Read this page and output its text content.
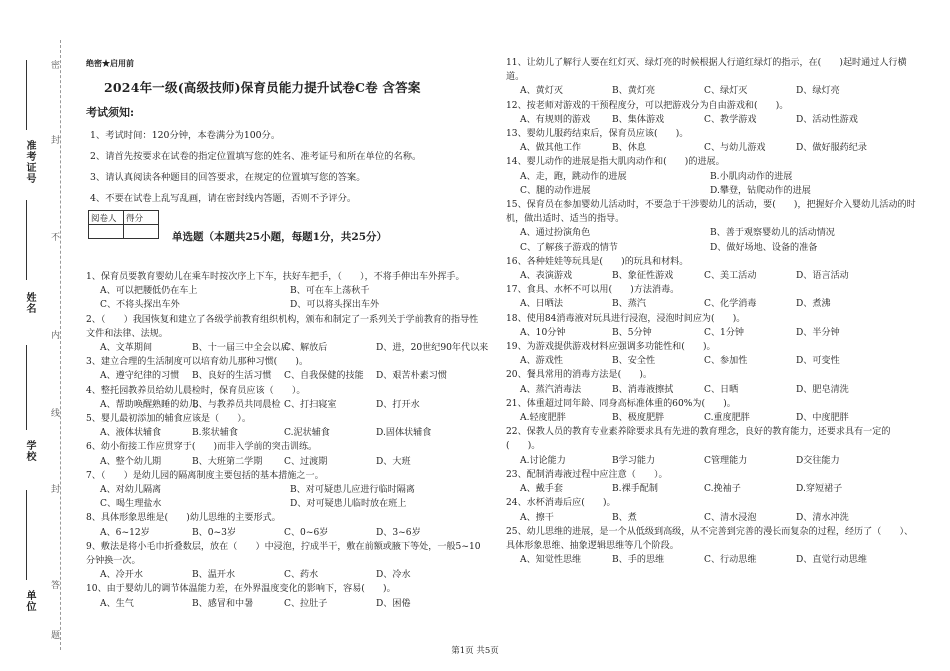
准考证号
姓名
学校
单位
密
封
不
内
线
封
答
题
绝密★启用前
2024年一级(高级技师)保育员能力提升试卷C卷 含答案
考试须知:
1、考试时间：120分钟，本卷满分为100分。
2、请首先按要求在试卷的指定位置填写您的姓名、准考证号和所在单位的名称。
3、请认真阅读各种题目的回答要求，在规定的位置填写您的答案。
4、不要在试卷上乱写乱画，请在密封线内答题，否则不予评分。
阅卷人	得分

单选题（本题共25小题，每题1分，共25分）
1、保育员要教育婴幼儿在乘车时按次序上下车，扶好车把手，（　　），不将手伸出车外挥手。
A、可以把腰低仍在车上	B、可在车上荡秋千
C、不将头探出车外	D、可以将头探出车外
2、（　　）我国恢复和建立了各级学前教育组织机构，颁布和制定了一系列关于学前教育的指导性文件和法律、法规。
A、文革期间	B、十一届三中全会以后C、解放后	D、进，20世纪90年代以来
3、建立合理的生活制度可以培育幼儿那种习惯(　　)。
A、遵守纪律的习惯 B、良好的生活习惯 C、自我保健的技能 D、艰苦朴素习惯
4、整托园教养员给幼儿晨检时，保育员应该（　　）。
A、帮助唤醒熟睡的幼儿B、与教养员共同晨检 C、打扫寝室	D、打开水
5、婴儿最初添加的辅食应该是（　　）。
A、液体状辅食	B.浆状辅食	C.泥状辅食	D.固体状辅食
6、幼小衔接工作应贯穿于(　　)而非入学前的突击训练。
A、整个幼儿期	B、大班第二学期 C、过渡期	D、大班
7、（　　）是幼儿园的隔离制度主要包括的基本措施之一。
A、对幼儿隔离	B、对可疑患儿应进行临时隔离
C、喝生理盐水	D、对可疑患儿临时放在班上
8、具体形象思维是(　　)幼儿思维的主要形式。
A、6~12岁	B、0~3岁	C、0~6岁	D、3~6岁
9、敷法是将小毛巾折叠数层，放在（　　）中浸泡，拧成半干，敷在前额或腋下等处，一般5~10分钟换一次。
A、冷开水	B、温开水	C、药水	D、冷水
10、由于婴幼儿的调节体温能力差，在外界温度变化的影响下，容易(　　)。
A、生气	B、感冒和中暑	C、拉肚子	D、困倦
11、让幼儿了解行人要在红灯灭、绿灯亮的时候根据人行道红绿灯的指示，在(　　)起时通过人行横道。
A、黄灯灭	B、黄灯亮	C、绿灯灭	D、绿灯亮
12、按老师对游戏的干预程度分，可以把游戏分为自由游戏和(　　)。
A、有规则的游戏 B、集体游戏	C、教学游戏	D、活动性游戏
13、婴幼儿服药结束后，保育员应该(　　)。
A、做其他工作	B、休息	C、与幼儿游戏	D、做好服药纪录
14、婴儿动作的进展是指大肌肉动作和(　　)的进展。
A、走，跑，跳动作的进展	B.小肌肉动作的进展
C、腿的动作进展	D.攀登，钻爬动作的进展
15、保育员在参加婴幼儿活动时，不要急于干涉婴幼儿的活动，要(　　)，把握好介入婴幼儿活动的时机，做出适时、适当的指导。
A、通过扮演角色	B、善于观察婴幼儿的活动情况
C、了解孩子游戏的情节	D、做好场地、设备的准备
16、各种娃娃等玩具是(　　)的玩具和材料。
A、表演游戏	B、象征性游戏	C、美工活动	D、语言活动
17、食具、水杯不可以用(　　)方法消毒。
A、日晒法	B、蒸汽	C、化学消毒	D、煮沸
18、使用84消毒液对玩具进行浸泡，浸泡时间应为(　　)。
A、10分钟	B、5分钟	C、1分钟	D、半分钟
19、为游戏提供游戏材料应强调多功能性和(　　)。
A、游戏性	B、安全性	C、参加性	D、可变性
20、餐具常用的消毒方法是(　　)。
A、蒸汽消毒法	B、消毒液擦拭	C、日晒	D、肥皂清洗
21、体重超过同年龄、同身高标准体重的60%为(　　)。
A.轻度肥胖	B、极度肥胖	C.重度肥胖	D、中度肥胖
22、保教人员的教育专业素养除要求具有先进的教育理念，良好的教育能力，还要求具有一定的(　　)。
A.讨论能力	B学习能力	C管理能力	D交往能力
23、配制消毒液过程中应注意（　　）。
A、戴手套	B.裸手配制	C.挽袖子	D.穿短裙子
24、水杯消毒后应(　　)。
A、擦干	B、煮	C、清水浸泡	D、清水冲洗
25、幼儿思维的进展，是一个从低级到高级，从不完善到完善的漫长而复杂的过程，经历了（　　）、具体形象思维、抽象逻辑思维等几个阶段。
A、知觉性思维	B、手的思维	C、行动思维	D、直觉行动思维
第1页 共5页
